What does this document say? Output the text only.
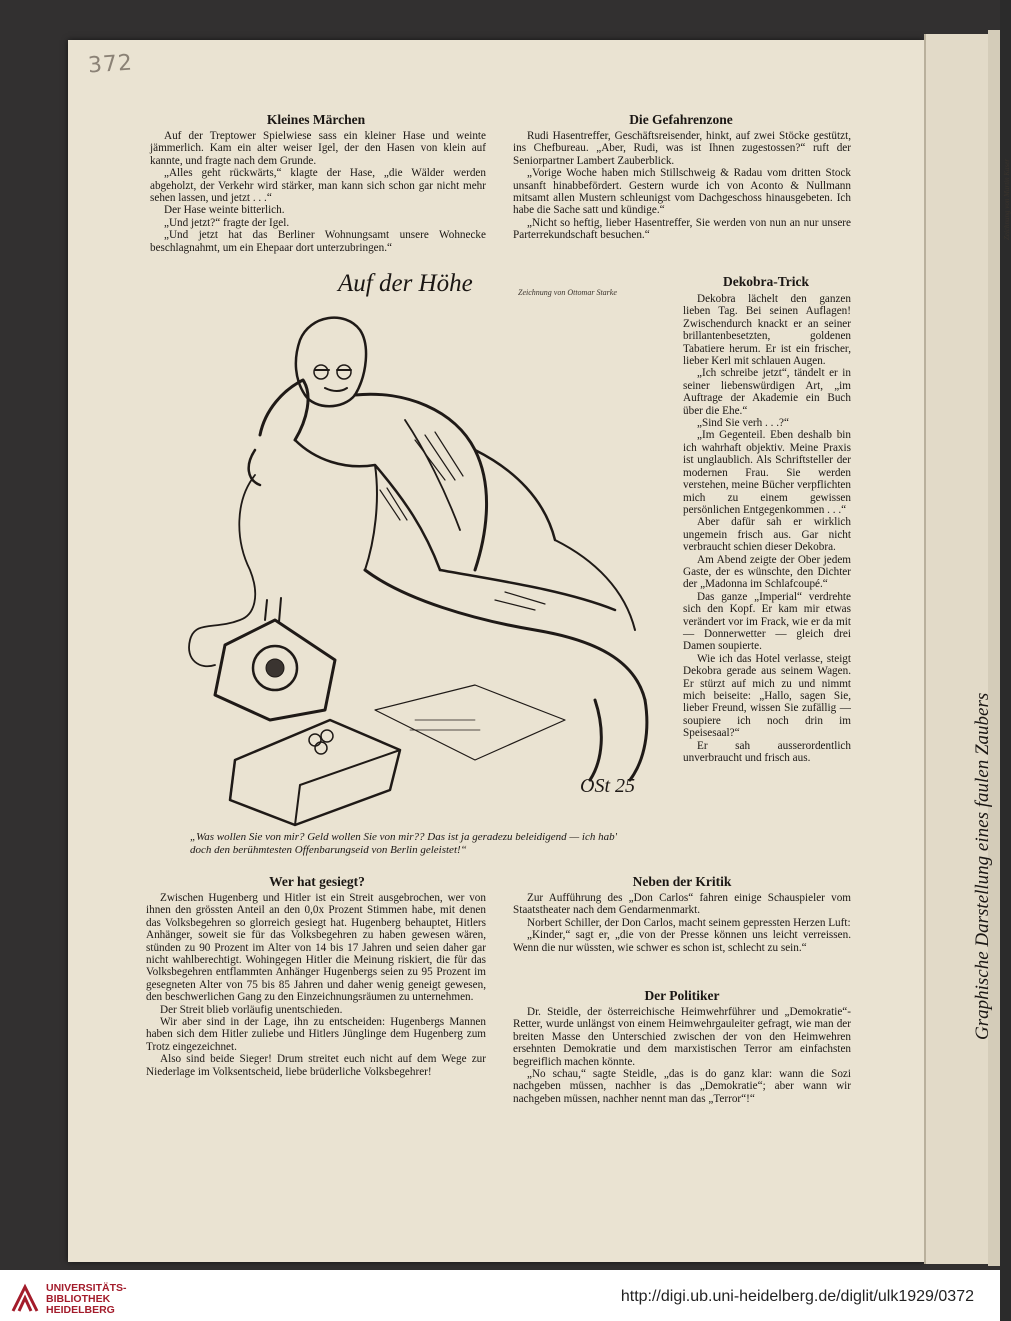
372
Kleines Märchen
Auf der Treptower Spielwiese sass ein kleiner Hase und weinte jämmerlich. Kam ein alter weiser Igel, der den Hasen von klein auf kannte, und fragte nach dem Grunde.
„Alles geht rückwärts,“ klagte der Hase, „die Wälder werden abgeholzt, der Verkehr wird stärker, man kann sich schon gar nicht mehr sehen lassen, und jetzt . . .“
Der Hase weinte bitterlich.
„Und jetzt?“ fragte der Igel.
„Und jetzt hat das Berliner Wohnungsamt unsere Wohnecke beschlagnahmt, um ein Ehepaar dort unterzubringen.“
Die Gefahrenzone
Rudi Hasentreffer, Geschäftsreisender, hinkt, auf zwei Stöcke gestützt, ins Chefbureau. „Aber, Rudi, was ist Ihnen zugestossen?“ ruft der Seniorpartner Lambert Zauberblick.
„Vorige Woche haben mich Stillschweig & Radau vom dritten Stock unsanft hinabbefördert. Gestern wurde ich von Aconto & Nullmann mitsamt allen Mustern schleunigst vom Dachgeschoss hinausgebeten. Ich habe die Sache satt und kündige.“
„Nicht so heftig, lieber Hasentreffer, Sie werden von nun an nur unsere Parterrekundschaft besuchen.“
Auf der Höhe	Zeichnung von Ottomar Starke
OSt 25
„Was wollen Sie von mir? Geld wollen Sie von mir?? Das ist ja geradezu beleidigend — ich hab' doch den berühmtesten Offenbarungseid von Berlin geleistet!“
Dekobra-Trick
Dekobra lächelt den ganzen lieben Tag. Bei seinen Auflagen! Zwischendurch knackt er an seiner brillantenbesetzten, goldenen Tabatiere herum. Er ist ein frischer, lieber Kerl mit schlauen Augen.
„Ich schreibe jetzt“, tändelt er in seiner liebenswürdigen Art, „im Auftrage der Akademie ein Buch über die Ehe.“
„Sind Sie verh . . .?“
„Im Gegenteil. Eben deshalb bin ich wahrhaft objektiv. Meine Praxis ist unglaublich. Als Schriftsteller der modernen Frau. Sie werden verstehen, meine Bücher verpflichten mich zu einem gewissen persönlichen Entgegenkommen . . .“
Aber dafür sah er wirklich ungemein frisch aus. Gar nicht verbraucht schien dieser Dekobra.
Am Abend zeigte der Ober jedem Gaste, der es wünschte, den Dichter der „Madonna im Schlafcoupé.“
Das ganze „Imperial“ verdrehte sich den Kopf. Er kam mir etwas verändert vor im Frack, wie er da mit — Donnerwetter — gleich drei Damen soupierte.
Wie ich das Hotel verlasse, steigt Dekobra gerade aus seinem Wagen. Er stürzt auf mich zu und nimmt mich beiseite: „Hallo, sagen Sie, lieber Freund, wissen Sie zufällig — soupiere ich noch drin im Speisesaal?“
Er sah ausserordentlich unverbraucht und frisch aus.
Wer hat gesiegt?
Zwischen Hugenberg und Hitler ist ein Streit ausgebrochen, wer von ihnen den grössten Anteil an den 0,0x Prozent Stimmen habe, mit denen das Volksbegehren so glorreich gesiegt hat. Hugenberg behauptet, Hitlers Anhänger, soweit sie für das Volksbegehren zu haben gewesen wären, stünden zu 90 Prozent im Alter von 14 bis 17 Jahren und seien daher gar nicht wahlberechtigt. Wohingegen Hitler die Meinung riskiert, die für das Volksbegehren entflammten Anhänger Hugenbergs seien zu 95 Prozent im gesegneten Alter von 75 bis 85 Jahren und daher wenig geneigt gewesen, den beschwerlichen Gang zu den Einzeichnungsräumen zu unternehmen.
Der Streit blieb vorläufig unentschieden.
Wir aber sind in der Lage, ihn zu entscheiden: Hugenbergs Mannen haben sich dem Hitler zuliebe und Hitlers Jünglinge dem Hugenberg zum Trotz eingezeichnet.
Also sind beide Sieger! Drum streitet euch nicht auf dem Wege zur Niederlage im Volksentscheid, liebe brüderliche Volksbegehrer!
Neben der Kritik
Zur Aufführung des „Don Carlos“ fahren einige Schauspieler vom Staatstheater nach dem Gendarmenmarkt.
Norbert Schiller, der Don Carlos, macht seinem gepressten Herzen Luft:
„Kinder,“ sagt er, „die von der Presse können uns leicht verreissen. Wenn die nur wüssten, wie schwer es schon ist, schlecht zu sein.“
Der Politiker
Dr. Steidle, der österreichische Heimwehrführer und „Demokratie“-Retter, wurde unlängst von einem Heimwehrgauleiter gefragt, wie man der breiten Masse den Unterschied zwischen der von den Heimwehren ersehnten Demokratie und dem marxistischen Terror am einfachsten begreiflich machen könnte.
„No schau,“ sagte Steidle, „das is do ganz klar: wann die Sozi nachgeben müssen, nachher is das „Demokratie“; aber wann wir nachgeben müssen, nachher nennt man das „Terror“!“
Graphische Darstellung eines faulen Zaubers
Zeichnung von Martin Kaser
UNIVERSITÄTS-
BIBLIOTHEK
HEIDELBERG
http://digi.ub.uni-heidelberg.de/diglit/ulk1929/0372
